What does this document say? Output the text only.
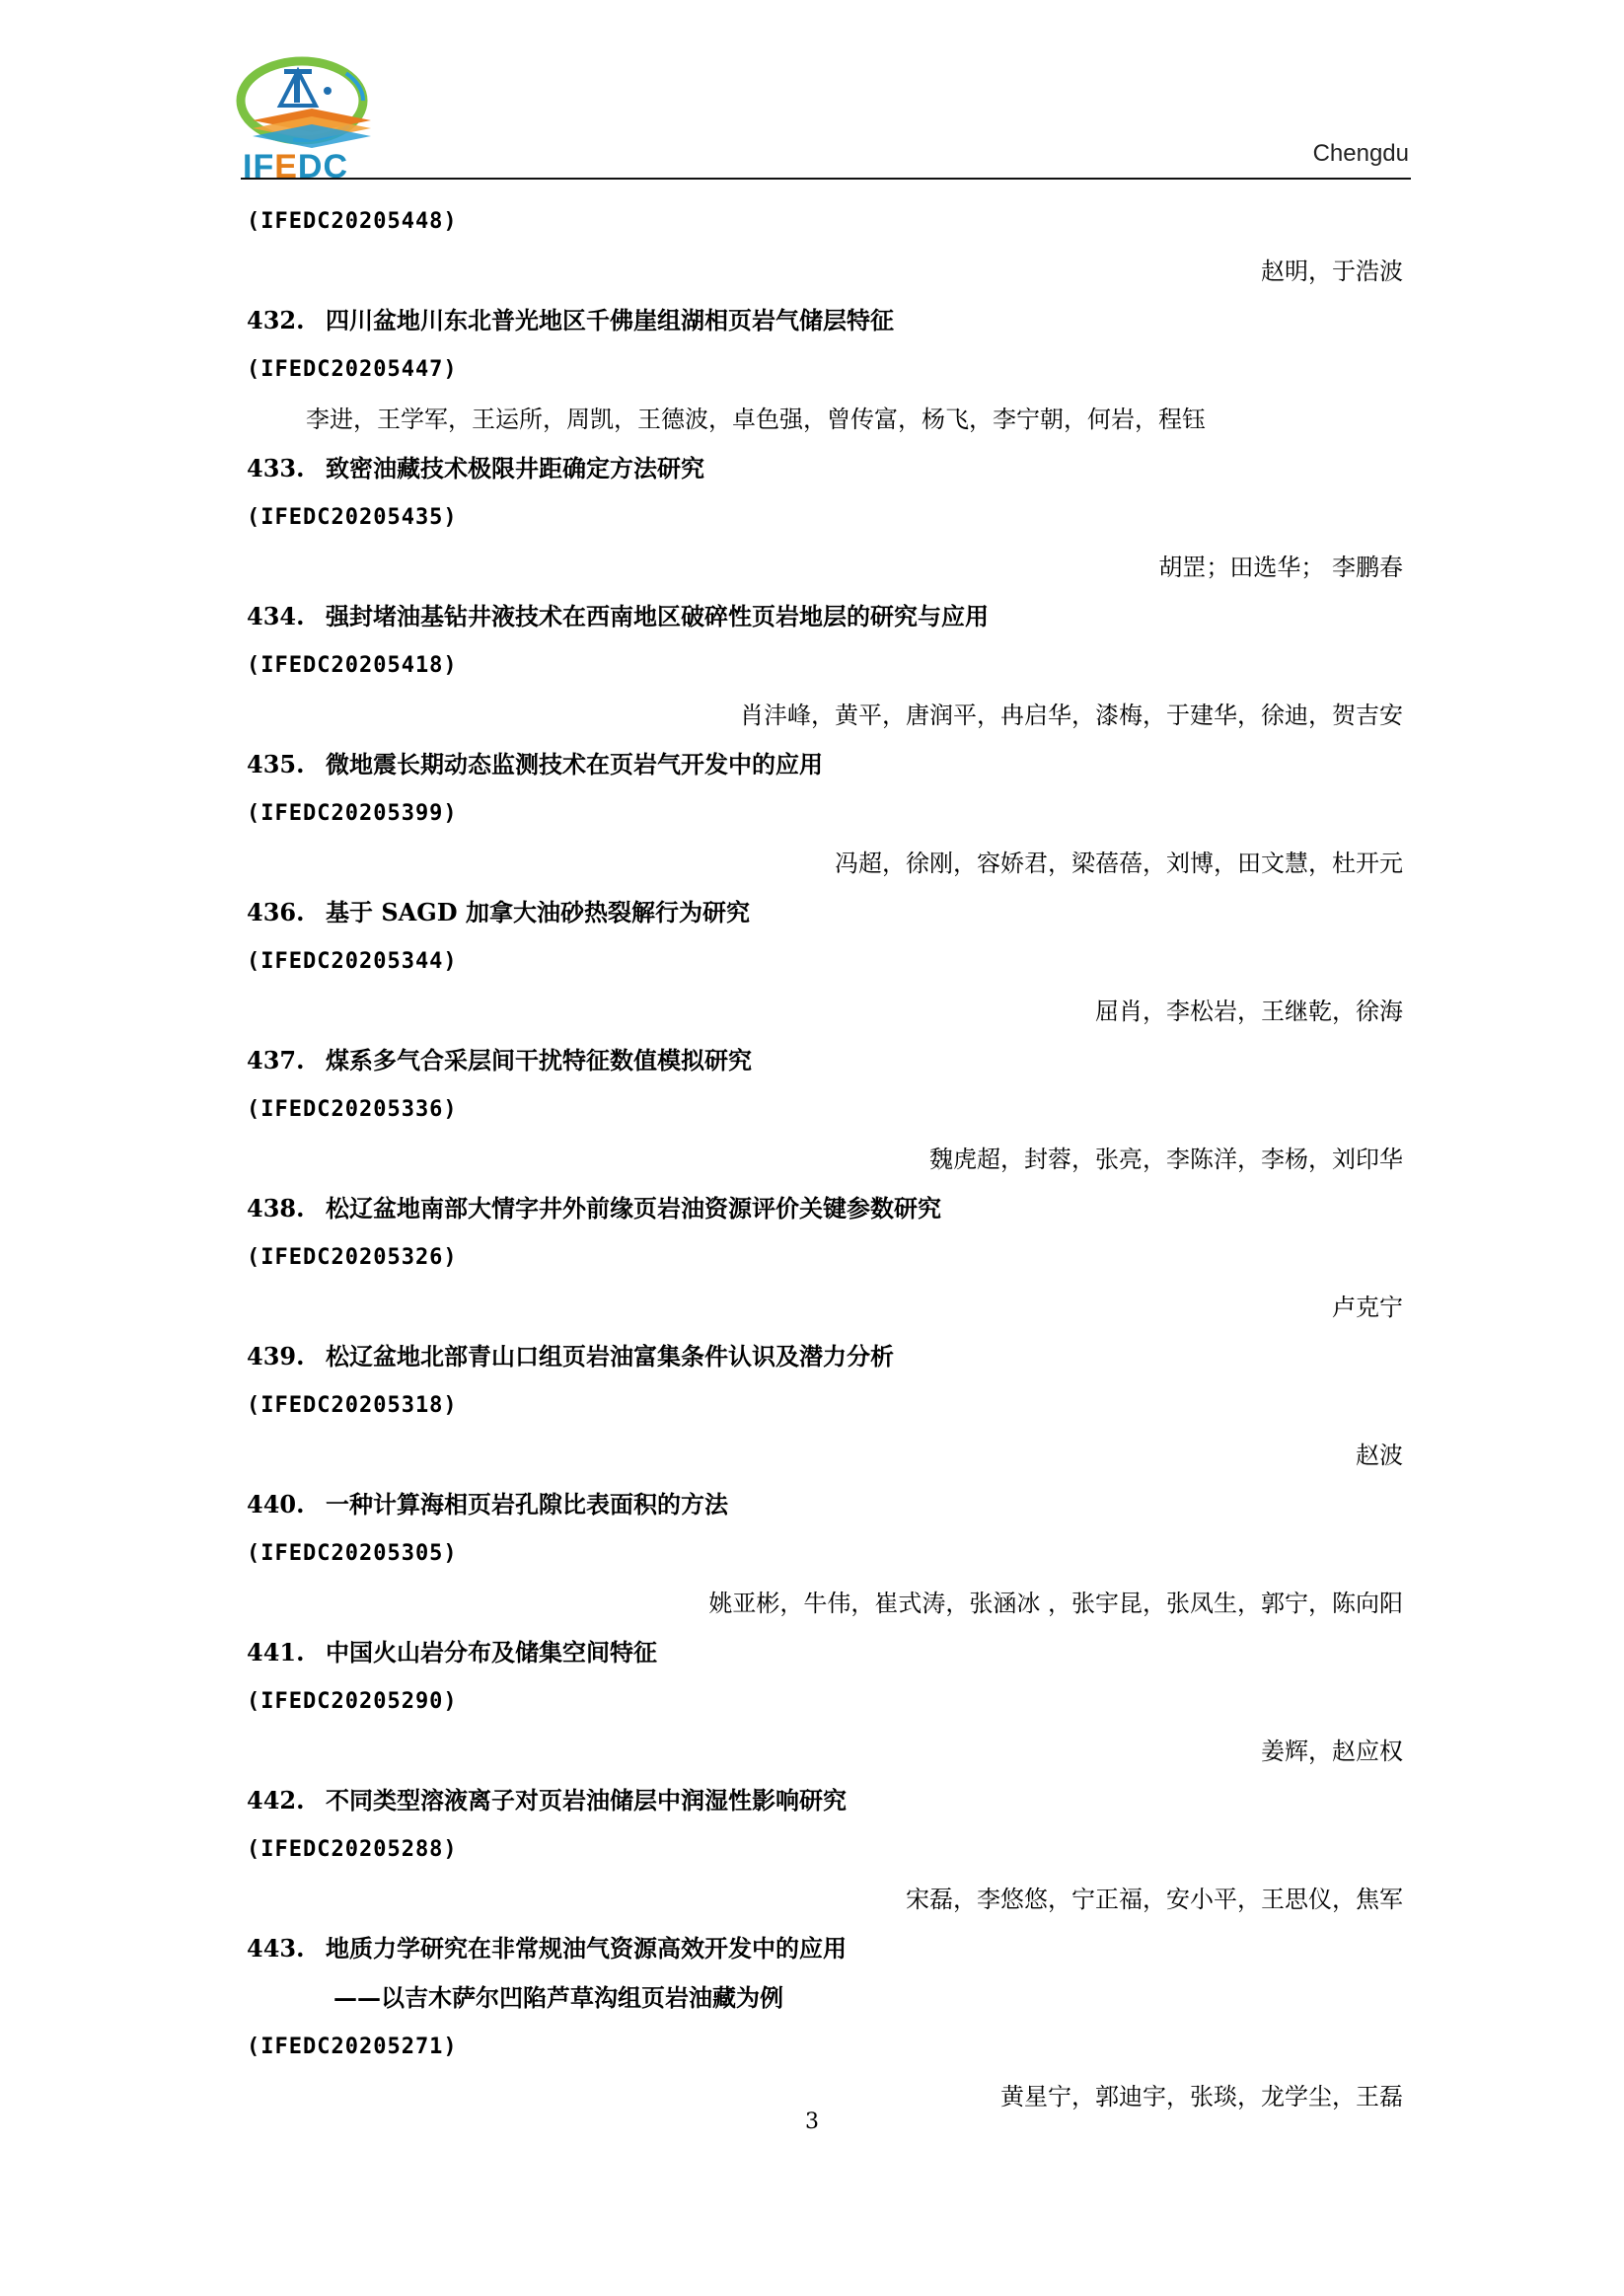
IFEDC	Chengdu
(IFEDC20205448)
赵明，于浩波
432. 四川盆地川东北普光地区千佛崖组湖相页岩气储层特征
(IFEDC20205447)
李进，王学军，王运所，周凯，王德波，卓色强，曾传富，杨飞，李宁朝，何岩，程钰
433. 致密油藏技术极限井距确定方法研究
(IFEDC20205435)
胡罡；田选华； 李鹏春
434. 强封堵油基钻井液技术在西南地区破碎性页岩地层的研究与应用
(IFEDC20205418)
肖沣峰，黄平，唐润平，冉启华，漆梅，于建华，徐迪，贺吉安
435. 微地震长期动态监测技术在页岩气开发中的应用
(IFEDC20205399)
冯超，徐刚，容娇君，梁蓓蓓，刘博，田文慧，杜开元
436. 基于 SAGD 加拿大油砂热裂解行为研究
(IFEDC20205344)
屈肖，李松岩，王继乾，徐海
437. 煤系多气合采层间干扰特征数值模拟研究
(IFEDC20205336)
魏虎超，封蓉，张亮，李陈洋，李杨，刘印华
438. 松辽盆地南部大情字井外前缘页岩油资源评价关键参数研究
(IFEDC20205326)
卢克宁
439. 松辽盆地北部青山口组页岩油富集条件认识及潜力分析
(IFEDC20205318)
赵波
440. 一种计算海相页岩孔隙比表面积的方法
(IFEDC20205305)
姚亚彬，牛伟，崔式涛，张涵冰 ，张宇昆，张凤生，郭宁，陈向阳
441. 中国火山岩分布及储集空间特征
(IFEDC20205290)
姜辉，赵应权
442. 不同类型溶液离子对页岩油储层中润湿性影响研究
(IFEDC20205288)
宋磊，李悠悠，宁正福，安小平，王思仪，焦军
443. 地质力学研究在非常规油气资源高效开发中的应用
——以吉木萨尔凹陷芦草沟组页岩油藏为例
(IFEDC20205271)
黄星宁，郭迪宇，张琰，龙学尘，王磊
3
